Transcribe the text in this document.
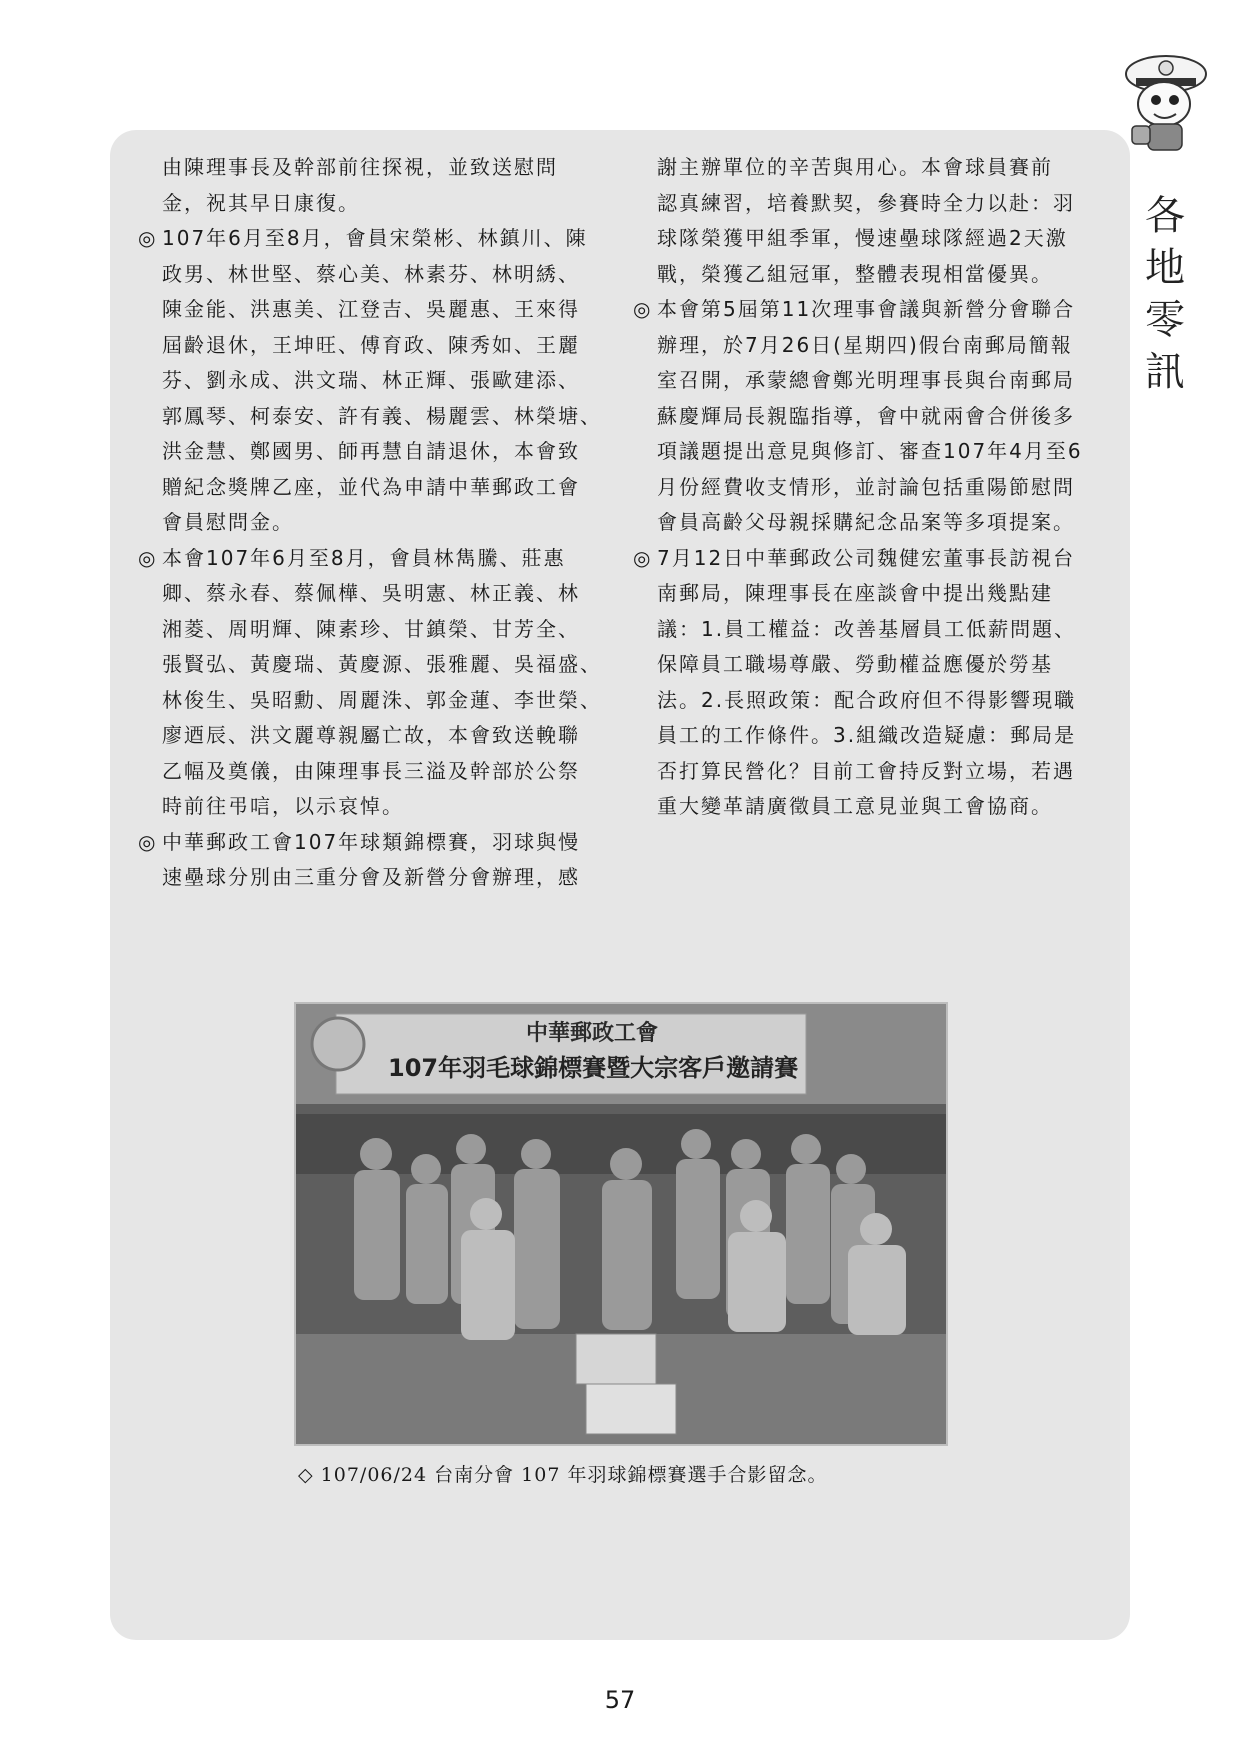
各
地
零
訊
由陳理事長及幹部前往探視，並致送慰問
金，祝其早日康復。
◎ 107年6月至8月，會員宋榮彬、林鎮川、陳
政男、林世堅、蔡心美、林素芬、林明綉、
陳金能、洪惠美、江登吉、吳麗惠、王來得
屆齡退休，王坤旺、傅育政、陳秀如、王麗
芬、劉永成、洪文瑞、林正輝、張歐建添、
郭鳳琴、柯泰安、許有義、楊麗雲、林榮塘、
洪金慧、鄭國男、師再慧自請退休，本會致
贈紀念獎牌乙座，並代為申請中華郵政工會
會員慰問金。
◎ 本會107年6月至8月，會員林雋騰、莊惠
卿、蔡永春、蔡佩樺、吳明憲、林正義、林
湘菱、周明輝、陳素珍、甘鎮榮、甘芳全、
張賢弘、黃慶瑞、黃慶源、張雅麗、吳福盛、
林俊生、吳昭勳、周麗洙、郭金蓮、李世榮、
廖迺辰、洪文麗尊親屬亡故，本會致送輓聯
乙幅及奠儀，由陳理事長三溢及幹部於公祭
時前往弔唁，以示哀悼。
◎ 中華郵政工會107年球類錦標賽，羽球與慢
速壘球分別由三重分會及新營分會辦理，感
謝主辦單位的辛苦與用心。本會球員賽前
認真練習，培養默契，參賽時全力以赴：羽
球隊榮獲甲組季軍，慢速壘球隊經過2天激
戰，榮獲乙組冠軍，整體表現相當優異。
◎ 本會第5屆第11次理事會議與新營分會聯合
辦理，於7月26日(星期四)假台南郵局簡報
室召開，承蒙總會鄭光明理事長與台南郵局
蘇慶輝局長親臨指導，會中就兩會合併後多
項議題提出意見與修訂、審查107年4月至6
月份經費收支情形，並討論包括重陽節慰問
會員高齡父母親採購紀念品案等多項提案。
◎ 7月12日中華郵政公司魏健宏董事長訪視台
南郵局，陳理事長在座談會中提出幾點建
議：1.員工權益：改善基層員工低薪問題、
保障員工職場尊嚴、勞動權益應優於勞基
法。2.長照政策：配合政府但不得影響現職
員工的工作條件。3.組織改造疑慮：郵局是
否打算民營化？目前工會持反對立場，若遇
重大變革請廣徵員工意見並與工會協商。
中華郵政工會
107年羽毛球錦標賽暨大宗客戶邀請賽
◇ 107/06/24 台南分會 107 年羽球錦標賽選手合影留念。
57
